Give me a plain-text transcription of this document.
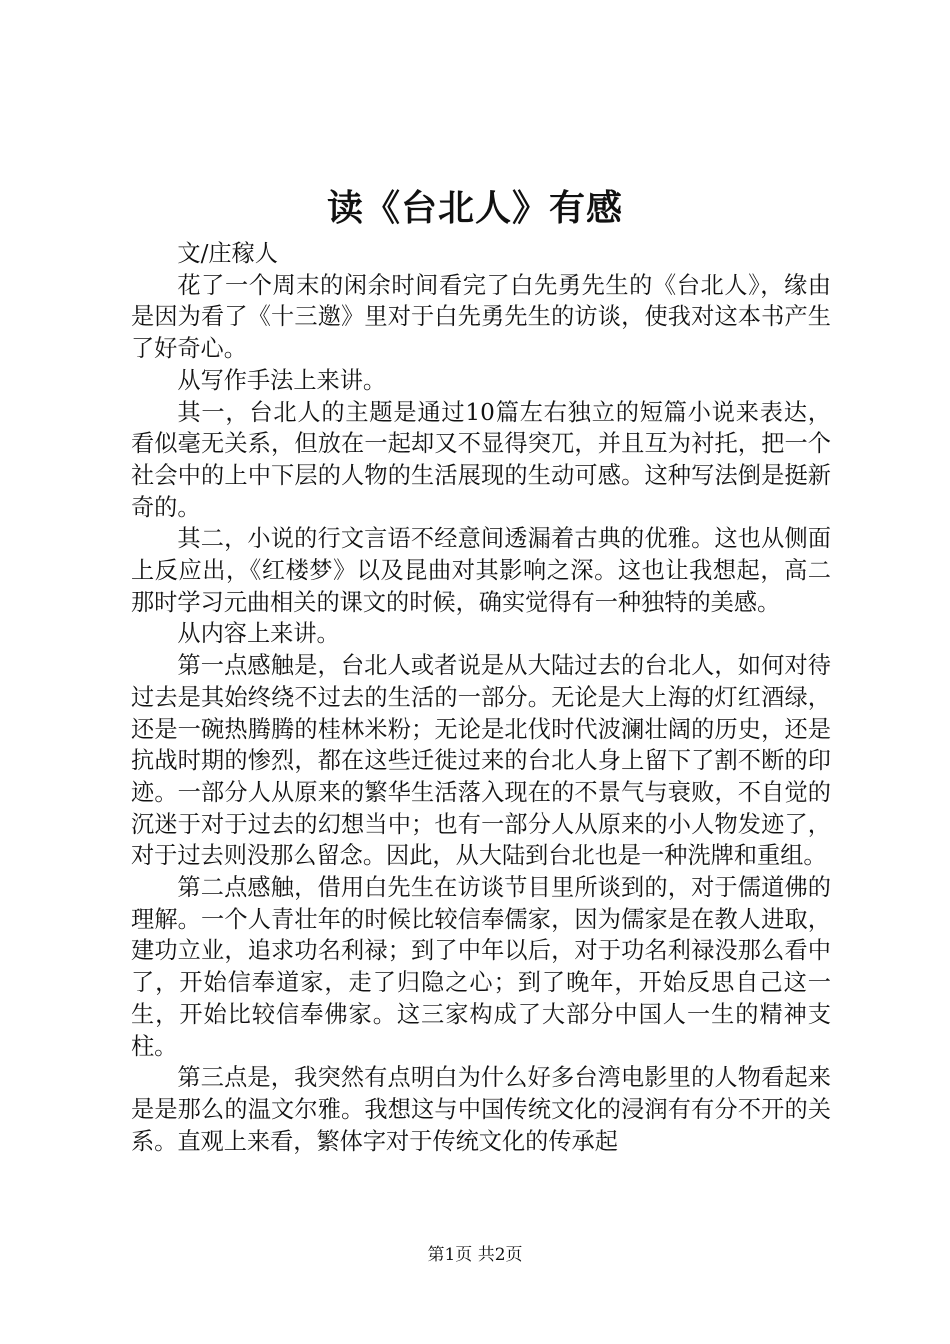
读《台北人》有感

文/庄稼人

花了一个周末的闲余时间看完了白先勇先生的《台北人》，缘由是因为看了《十三邀》里对于白先勇先生的访谈，使我对这本书产生了好奇心。

从写作手法上来讲。

其一，台北人的主题是通过10篇左右独立的短篇小说来表达，看似毫无关系，但放在一起却又不显得突兀，并且互为衬托，把一个社会中的上中下层的人物的生活展现的生动可感。这种写法倒是挺新奇的。

其二，小说的行文言语不经意间透漏着古典的优雅。这也从侧面上反应出，《红楼梦》以及昆曲对其影响之深。这也让我想起，高二那时学习元曲相关的课文的时候，确实觉得有一种独特的美感。

从内容上来讲。

第一点感触是，台北人或者说是从大陆过去的台北人，如何对待过去是其始终绕不过去的生活的一部分。无论是大上海的灯红酒绿，还是一碗热腾腾的桂林米粉；无论是北伐时代波澜壮阔的历史，还是抗战时期的惨烈，都在这些迁徙过来的台北人身上留下了割不断的印迹。一部分人从原来的繁华生活落入现在的不景气与衰败，不自觉的沉迷于对于过去的幻想当中；也有一部分人从原来的小人物发迹了，对于过去则没那么留念。因此，从大陆到台北也是一种洗牌和重组。

第二点感触，借用白先生在访谈节目里所谈到的，对于儒道佛的理解。一个人青壮年的时候比较信奉儒家，因为儒家是在教人进取，建功立业，追求功名利禄；到了中年以后，对于功名利禄没那么看中了，开始信奉道家，走了归隐之心；到了晚年，开始反思自己这一生，开始比较信奉佛家。这三家构成了大部分中国人一生的精神支柱。

第三点是，我突然有点明白为什么好多台湾电影里的人物看起来是是那么的温文尔雅。我想这与中国传统文化的浸润有有分不开的关系。直观上来看，繁体字对于传统文化的传承起

第1页 共2页
